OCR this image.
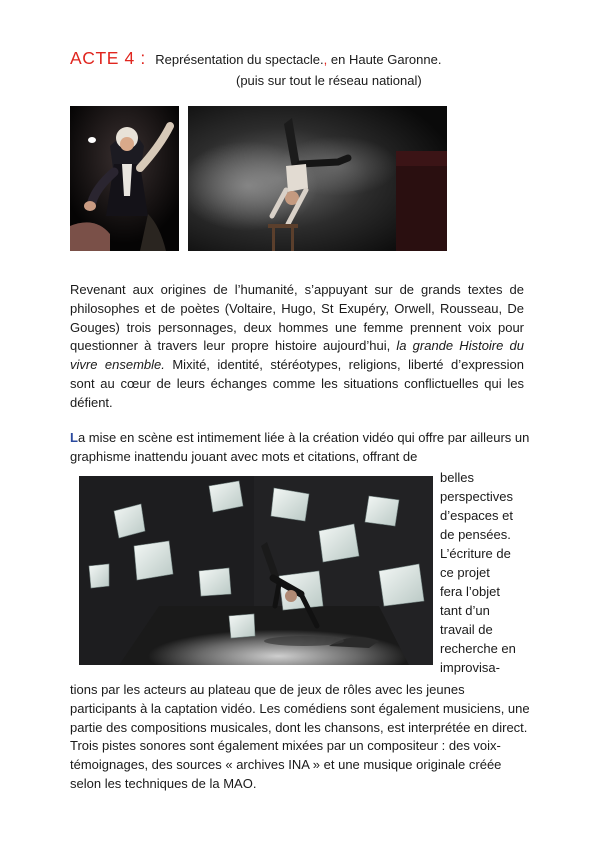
ACTE 4 : Représentation du spectacle., en Haute Garonne.
(puis sur tout le réseau national)
Revenant aux origines de l’humanité, s’appuyant sur de grands textes de philosophes et de poètes (Voltaire, Hugo, St Exupéry, Orwell, Rousseau, De Gouges) trois personnages, deux hommes une femme prennent voix pour questionner à travers leur propre histoire aujourd’hui, la grande Histoire du vivre ensemble. Mixité, identité, stéréotypes, religions, liberté d’expression sont au cœur de leurs échanges comme les situations conflictuelles qui les défient.
La mise en scène est intimement liée à la création vidéo qui offre par ailleurs un graphisme inattendu jouant avec mots et citations, offrant de
belles
perspectives
d’espaces et
de pensées.
L’écriture de
ce projet
fera l’objet
tant d’un
travail de
recherche en
improvisa-
tions par les acteurs au plateau que de jeux de rôles avec les jeunes participants à la captation vidéo. Les comédiens sont également musiciens, une partie des compositions musicales, dont les chansons, est interprétée en direct. Trois pistes sonores sont également mixées par un compositeur : des voix-témoignages, des sources « archives INA » et une musique originale créée selon les techniques de la MAO.
